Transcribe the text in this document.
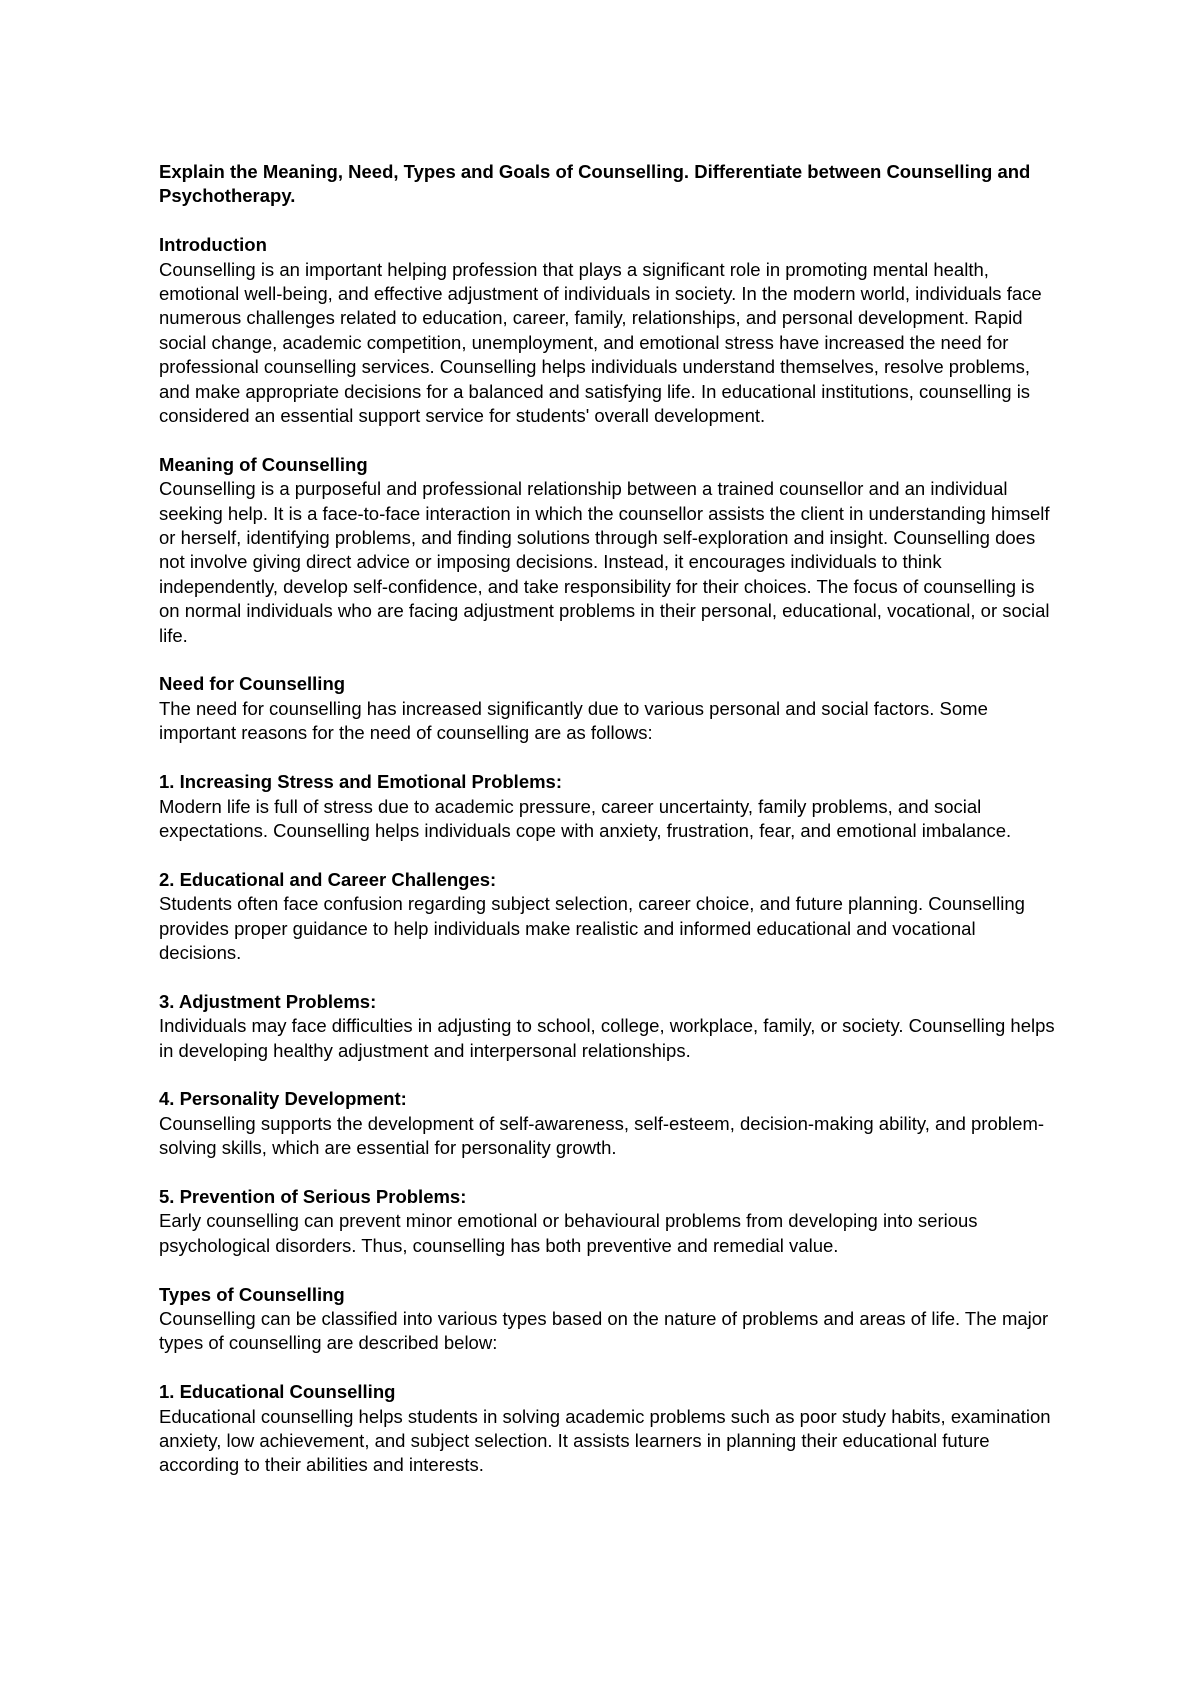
Explain the Meaning, Need, Types and Goals of Counselling. Differentiate between Counselling and Psychotherapy.
Introduction
Counselling is an important helping profession that plays a significant role in promoting mental health, emotional well-being, and effective adjustment of individuals in society. In the modern world, individuals face numerous challenges related to education, career, family, relationships, and personal development. Rapid social change, academic competition, unemployment, and emotional stress have increased the need for professional counselling services. Counselling helps individuals understand themselves, resolve problems, and make appropriate decisions for a balanced and satisfying life. In educational institutions, counselling is considered an essential support service for students' overall development.
Meaning of Counselling
Counselling is a purposeful and professional relationship between a trained counsellor and an individual seeking help. It is a face-to-face interaction in which the counsellor assists the client in understanding himself or herself, identifying problems, and finding solutions through self-exploration and insight. Counselling does not involve giving direct advice or imposing decisions. Instead, it encourages individuals to think independently, develop self-confidence, and take responsibility for their choices. The focus of counselling is on normal individuals who are facing adjustment problems in their personal, educational, vocational, or social life.
Need for Counselling
The need for counselling has increased significantly due to various personal and social factors. Some important reasons for the need of counselling are as follows:
1. Increasing Stress and Emotional Problems:
Modern life is full of stress due to academic pressure, career uncertainty, family problems, and social expectations. Counselling helps individuals cope with anxiety, frustration, fear, and emotional imbalance.
2. Educational and Career Challenges:
Students often face confusion regarding subject selection, career choice, and future planning. Counselling provides proper guidance to help individuals make realistic and informed educational and vocational decisions.
3. Adjustment Problems:
Individuals may face difficulties in adjusting to school, college, workplace, family, or society. Counselling helps in developing healthy adjustment and interpersonal relationships.
4. Personality Development:
Counselling supports the development of self-awareness, self-esteem, decision-making ability, and problem-solving skills, which are essential for personality growth.
5. Prevention of Serious Problems:
Early counselling can prevent minor emotional or behavioural problems from developing into serious psychological disorders. Thus, counselling has both preventive and remedial value.
Types of Counselling
Counselling can be classified into various types based on the nature of problems and areas of life. The major types of counselling are described below:
1. Educational Counselling
Educational counselling helps students in solving academic problems such as poor study habits, examination anxiety, low achievement, and subject selection. It assists learners in planning their educational future according to their abilities and interests.
